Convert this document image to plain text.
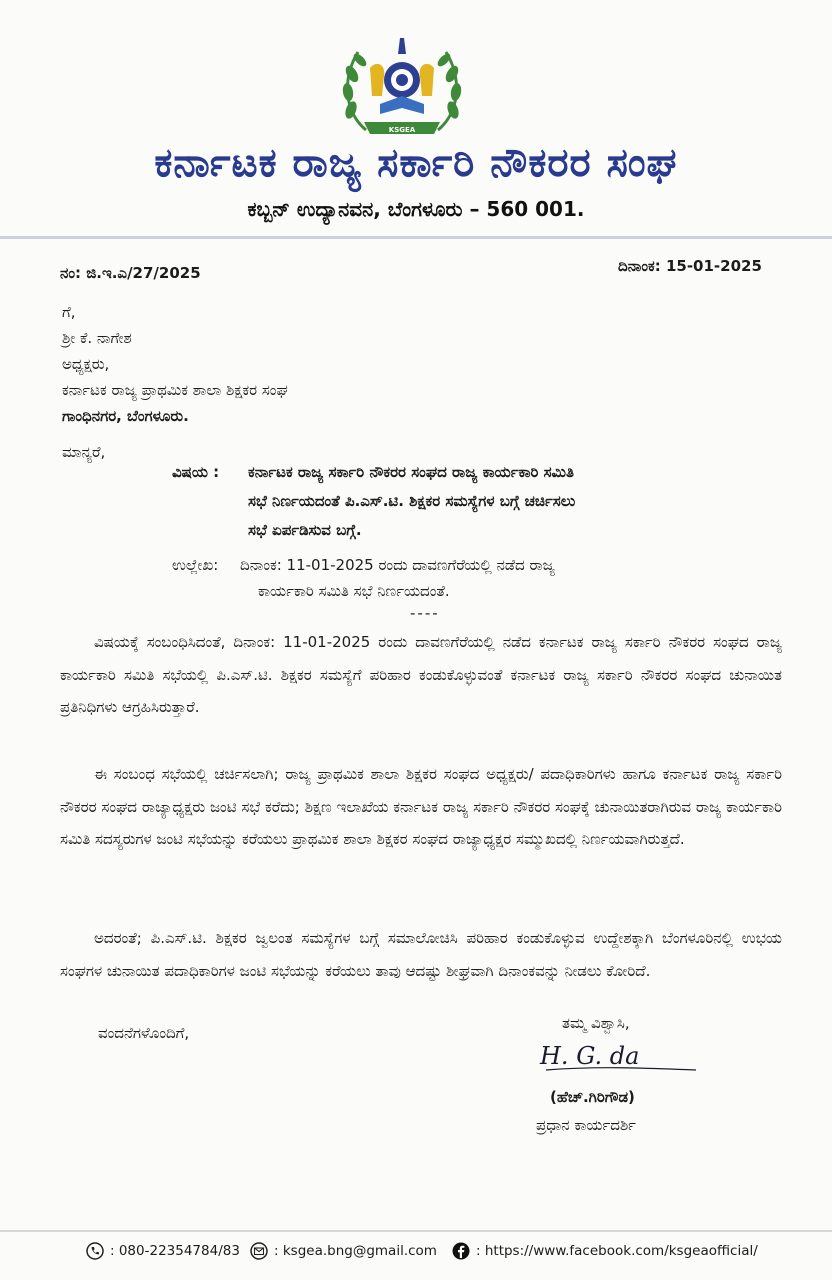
KSGEA
ಕರ್ನಾಟಕ ರಾಜ್ಯ ಸರ್ಕಾರಿ ನೌಕರರ ಸಂಘ
ಕಬ್ಬನ್ ಉದ್ಯಾನವನ, ಬೆಂಗಳೂರು – 560 001.
ನಂ: ಜಿ.ಇ.ಎ/27/2025	ದಿನಾಂಕ: 15-01-2025
ಗೆ,
ಶ್ರೀ ಕೆ. ನಾಗೇಶ
ಅಧ್ಯಕ್ಷರು,
ಕರ್ನಾಟಕ ರಾಜ್ಯ ಪ್ರಾಥಮಿಕ ಶಾಲಾ ಶಿಕ್ಷಕರ ಸಂಘ
ಗಾಂಧಿನಗರ, ಬೆಂಗಳೂರು.
ಮಾನ್ಯರೆ,
ವಿಷಯ : ಕರ್ನಾಟಕ ರಾಜ್ಯ ಸರ್ಕಾರಿ ನೌಕರರ ಸಂಘದ ರಾಜ್ಯ ಕಾರ್ಯಕಾರಿ ಸಮಿತಿ
ಸಭೆ ನಿರ್ಣಯದಂತೆ ಪಿ.ಎಸ್.ಟಿ. ಶಿಕ್ಷಕರ ಸಮಸ್ಯೆಗಳ ಬಗ್ಗೆ ಚರ್ಚಿಸಲು
ಸಭೆ ಏರ್ಪಡಿಸುವ ಬಗ್ಗೆ.
ಉಲ್ಲೇಖ: ದಿನಾಂಕ: 11-01-2025 ರಂದು ದಾವಣಗೆರೆಯಲ್ಲಿ ನಡೆದ ರಾಜ್ಯ
ಕಾರ್ಯಕಾರಿ ಸಮಿತಿ ಸಭೆ ನಿರ್ಣಯದಂತೆ.
----
ವಿಷಯಕ್ಕೆ ಸಂಬಂಧಿಸಿದಂತೆ, ದಿನಾಂಕ: 11-01-2025 ರಂದು ದಾವಣಗೆರೆಯಲ್ಲಿ ನಡೆದ ಕರ್ನಾಟಕ ರಾಜ್ಯ ಸರ್ಕಾರಿ ನೌಕರರ ಸಂಘದ ರಾಜ್ಯ ಕಾರ್ಯಕಾರಿ ಸಮಿತಿ ಸಭೆಯಲ್ಲಿ ಪಿ.ಎಸ್.ಟಿ. ಶಿಕ್ಷಕರ ಸಮಸ್ಯೆಗೆ ಪರಿಹಾರ ಕಂಡುಕೊಳ್ಳುವಂತೆ ಕರ್ನಾಟಕ ರಾಜ್ಯ ಸರ್ಕಾರಿ ನೌಕರರ ಸಂಘದ ಚುನಾಯಿತ ಪ್ರತಿನಿಧಿಗಳು ಆಗ್ರಹಿಸಿರುತ್ತಾರೆ.
ಈ ಸಂಬಂಧ ಸಭೆಯಲ್ಲಿ ಚರ್ಚಿಸಲಾಗಿ; ರಾಜ್ಯ ಪ್ರಾಥಮಿಕ ಶಾಲಾ ಶಿಕ್ಷಕರ ಸಂಘದ ಅಧ್ಯಕ್ಷರು/ ಪದಾಧಿಕಾರಿಗಳು ಹಾಗೂ ಕರ್ನಾಟಕ ರಾಜ್ಯ ಸರ್ಕಾರಿ ನೌಕರರ ಸಂಘದ ರಾಜ್ಯಾಧ್ಯಕ್ಷರು ಜಂಟಿ ಸಭೆ ಕರೆದು; ಶಿಕ್ಷಣ ಇಲಾಖೆಯ ಕರ್ನಾಟಕ ರಾಜ್ಯ ಸರ್ಕಾರಿ ನೌಕರರ ಸಂಘಕ್ಕೆ ಚುನಾಯಿತರಾಗಿರುವ ರಾಜ್ಯ ಕಾರ್ಯಕಾರಿ ಸಮಿತಿ ಸದಸ್ಯರುಗಳ ಜಂಟಿ ಸಭೆಯನ್ನು ಕರೆಯಲು ಪ್ರಾಥಮಿಕ ಶಾಲಾ ಶಿಕ್ಷಕರ ಸಂಘದ ರಾಜ್ಯಾಧ್ಯಕ್ಷರ ಸಮ್ಮುಖದಲ್ಲಿ ನಿರ್ಣಯವಾಗಿರುತ್ತದೆ.
ಅದರಂತೆ; ಪಿ.ಎಸ್.ಟಿ. ಶಿಕ್ಷಕರ ಜ್ವಲಂತ ಸಮಸ್ಯೆಗಳ ಬಗ್ಗೆ ಸಮಾಲೋಚಿಸಿ ಪರಿಹಾರ ಕಂಡುಕೊಳ್ಳುವ ಉದ್ದೇಶಕ್ಕಾಗಿ ಬೆಂಗಳೂರಿನಲ್ಲಿ ಉಭಯ ಸಂಘಗಳ ಚುನಾಯಿತ ಪದಾಧಿಕಾರಿಗಳ ಜಂಟಿ ಸಭೆಯನ್ನು ಕರೆಯಲು ತಾವು ಆದಷ್ಟು ಶೀಘ್ರವಾಗಿ ದಿನಾಂಕವನ್ನು ನೀಡಲು ಕೋರಿದೆ.
ವಂದನೆಗಳೊಂದಿಗೆ,
ತಮ್ಮ ವಿಶ್ವಾಸಿ,
H. G. da
(ಹೆಚ್.ಗಿರಿಗೌಡ)
ಪ್ರಧಾನ ಕಾರ್ಯದರ್ಶಿ
: 080-22354784/83	: ksgea.bng@gmail.com	: https://www.facebook.com/ksgeaofficial/
